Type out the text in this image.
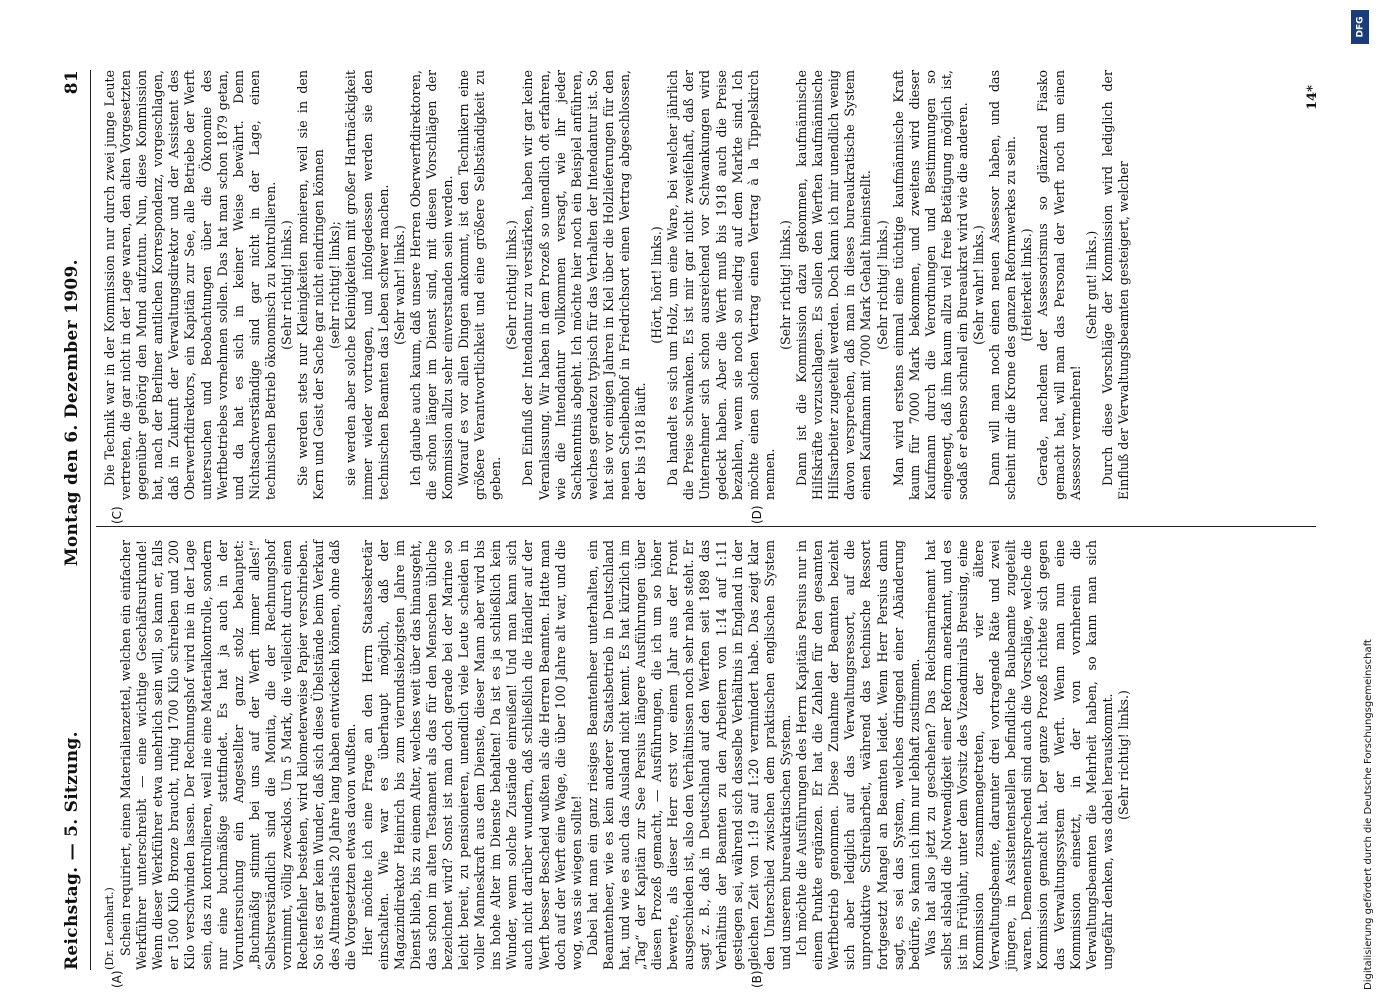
Reichstag. — 5. Sitzung.
Montag den 6. Dezember 1909.
81
(A)	(B)
(C)	(D)

(Dr. Leonhart.) Schein requiriert, einen Materialienzettel, welchen ein einfacher Werkführer unterschreibt — eine wichtige Geschäftsurkunde! Wenn dieser Werkführer etwa unehrlich sein will, so kann er, falls er 1500 Kilo Bronze braucht, ruhig 1700 Kilo schreiben und 200 Kilo verschwinden lassen. Der Rechnungshof wird nie in der Lage sein, das zu kontrollieren, weil nie eine Materialkontrolle, sondern nur eine buchmäßige stattfindet. Es hat ja auch in der Voruntersuchung ein Angestellter ganz stolz behauptet: „Buchmäßig stimmt bei uns auf der Werft immer alles!“ Selbstverständlich sind die Monita, die der Rechnungshof vornimmt, völlig zwecklos. Um 5 Mark, die vielleicht durch einen Rechenfehler bestehen, wird kilometerweise Papier verschrieben. So ist es gar kein Wunder, daß sich diese Übelstände beim Verkauf des Altmaterials 20 Jahre lang haben entwickeln können, ohne daß die Vorgesetzten etwas davon wußten. Hier möchte ich eine Frage an den Herrn Staatssekretär einschalten. Wie war es überhaupt möglich, daß der Magazindirektor Heinrich bis zum vierundsiebzigsten Jahre im Dienst blieb, bis zu einem Alter, welches weit über das hinausgeht, das schon im alten Testament als das für den Menschen übliche bezeichnet wird? Sonst ist man doch gerade bei der Marine so leicht bereit, zu pensionieren, unendlich viele Leute scheiden in voller Manneskraft aus dem Dienste, dieser Mann aber wird bis ins hohe Alter im Dienste behalten! Da ist es ja schließlich kein Wunder, wenn solche Zustände einreißen! Und man kann sich auch nicht darüber wundern, daß schließlich die Händler auf der Werft besser Bescheid wußten als die Herren Beamten. Hatte man doch auf der Werft eine Wage, die über 100 Jahre alt war, und die wog, was sie wiegen sollte! Dabei hat man ein ganz riesiges Beamtenheer unterhalten, ein Beamtenheer, wie es kein anderer Staatsbetrieb in Deutschland hat, und wie es auch das Ausland nicht kennt. Es hat kürzlich im „Tag“ der Kapitän zur See Persius längere Ausführungen über diesen Prozeß gemacht, — Ausführungen, die ich um so höher bewerte, als dieser Herr erst vor einem Jahr aus der Front ausgeschieden ist, also den Verhältnissen noch sehr nahe steht. Er sagt z. B., daß in Deutschland auf den Werften seit 1898 das Verhältnis der Beamten zu den Arbeitern von 1:14 auf 1:11 gestiegen sei, während sich dasselbe Verhältnis in England in der gleichen Zeit von 1:19 auf 1:20 vermindert habe. Das zeigt klar den Unterschied zwischen dem praktischen englischen System und unserem bureaukratischen System. Ich möchte die Ausführungen des Herrn Kapitäns Persius nur in einem Punkte ergänzen. Er hat die Zahlen für den gesamten Werftbetrieb genommen. Diese Zunahme der Beamten bezieht sich aber lediglich auf das Verwaltungsressort, auf die unproduktive Schreibarbeit, während das technische Ressort fortgesetzt Mangel an Beamten leidet. Wenn Herr Persius dann sagt, es sei das System, welches dringend einer Abänderung bedürfe, so kann ich ihm nur lebhaft zustimmen. Was hat also jetzt zu geschehen? Das Reichsmarineamt hat selbst alsbald die Notwendigkeit einer Reform anerkannt, und es ist im Frühjahr, unter dem Vorsitz des Vizeadmirals Breusing, eine Kommission zusammengetreten, der vier ältere Verwaltungsbeamte, darunter drei vortragende Räte und zwei jüngere, in Assistentenstellen befindliche Baubeamte zugeteilt waren. Demenentsprechend sind auch die Vorschläge, welche die Kommission gemacht hat. Der ganze Prozeß richtete sich gegen das Verwaltungssystem der Werft. Wenn man nun eine Kommission einsetzt, in der von vornherein die Verwaltungsbeamten die Mehrheit haben, so kann man sich ungefähr denken, was dabei herauskommt. (Sehr richtig! links.)

Die Technik war in der Kommission nur durch zwei junge Leute vertreten, die gar nicht in der Lage waren, den alten Vorgesetzten gegenüber gehörig den Mund aufzutun. Nun, diese Kommission hat, nach der Berliner amtlichen Korrespondenz, vorgeschlagen, daß in Zukunft der Verwaltungsdirektor und der Assistent des Oberwerftdirektors, ein Kapitän zur See, alle Betriebe der Werft untersuchen und Beobachtungen über die Ökonomie des Werftbetriebes vornehmen sollen. Das hat man schon 1879 getan, und da hat es sich in keiner Weise bewährt. Denn Nichtsachverständige sind gar nicht in der Lage, einen technischen Betrieb ökonomisch zu kontrollieren. (Sehr richtig! links.) Sie werden stets nur Kleinigkeiten monieren, weil sie in den Kern und Geist der Sache gar nicht eindringen können (sehr richtig! links); sie werden aber solche Kleinigkeiten mit großer Hartnäckigkeit immer wieder vortragen, und infolgedessen werden sie den technischen Beamten das Leben schwer machen. (Sehr wahr! links.) Ich glaube auch kaum, daß unsere Herren Oberwerftdirektoren, die schon länger im Dienst sind, mit diesen Vorschlägen der Kommission allzu sehr einverstanden sein werden. Worauf es vor allen Dingen ankommt, ist den Technikern eine größere Verantwortlichkeit und eine größere Selbständigkeit zu geben.

(Sehr richtig! links.) Den Einfluß der Intendantur zu verstärken, haben wir gar keine Veranlassung. Wir haben in dem Prozeß so unendlich oft erfahren, wie die Intendantur vollkommen versagt, wie ihr jeder Sachkenntnis abgeht. Ich möchte hier noch ein Beispiel anführen, welches geradezu typisch für das Verhalten der Intendantur ist. So hat sie vor einigen Jahren in Kiel über die Holzlieferungen für den neuen Scheibenhof in Friedrichsort einen Vertrag abgeschlossen, der bis 1918 läuft.

(Hört, hört! links.) Da handelt es sich um Holz, um eine Ware, bei welcher jährlich die Preise schwanken. Es ist mir gar nicht zweifelhaft, daß der Unternehmer sich schon ausreichend vor Schwankungen wird gedeckt haben. Aber die Werft muß bis 1918 auch die Preise bezahlen, wenn sie noch so niedrig auf dem Markte sind. Ich möchte einen solchen Vertrag einen Vertrag à la Tippelskirch nennen.

(Sehr richtig! links.) Dann ist die Kommission dazu gekommen, kaufmännische Hilfskräfte vorzuschlagen. Es sollen den Werften kaufmännische Hilfsarbeiter zugeteilt werden. Doch kann ich mir unendlich wenig davon versprechen, daß man in dieses bureaukratische System einen Kaufmann mit 7000 Mark Gehalt hineinstellt. (Sehr richtig! links.) Man wird erstens einmal eine tüchtige kaufmännische Kraft kaum für 7000 Mark bekommen, und zweitens wird dieser Kaufmann durch die Verordnungen und Bestimmungen so eingeengt, daß ihm kaum allzu viel freie Betätigung möglich ist, sodaß er ebenso schnell ein Bureaukrat wird wie die anderen. (Sehr wahr! links.) Dann will man noch einen neuen Assessor haben, und das scheint mir die Krone des ganzen Reformwerkes zu sein. (Heiterkeit links.) Gerade, nachdem der Assessorismus so glänzend Fiasko gemacht hat, will man das Personal der Werft noch um einen Assessor vermehren!

(Sehr gut! links.) Durch diese Vorschläge der Kommission wird lediglich der Einfluß der Verwaltungsbeamten gesteigert, welcher

14*
DFG
Digitalisierung gefördert durch die Deutsche Forschungsgemeinschaft
